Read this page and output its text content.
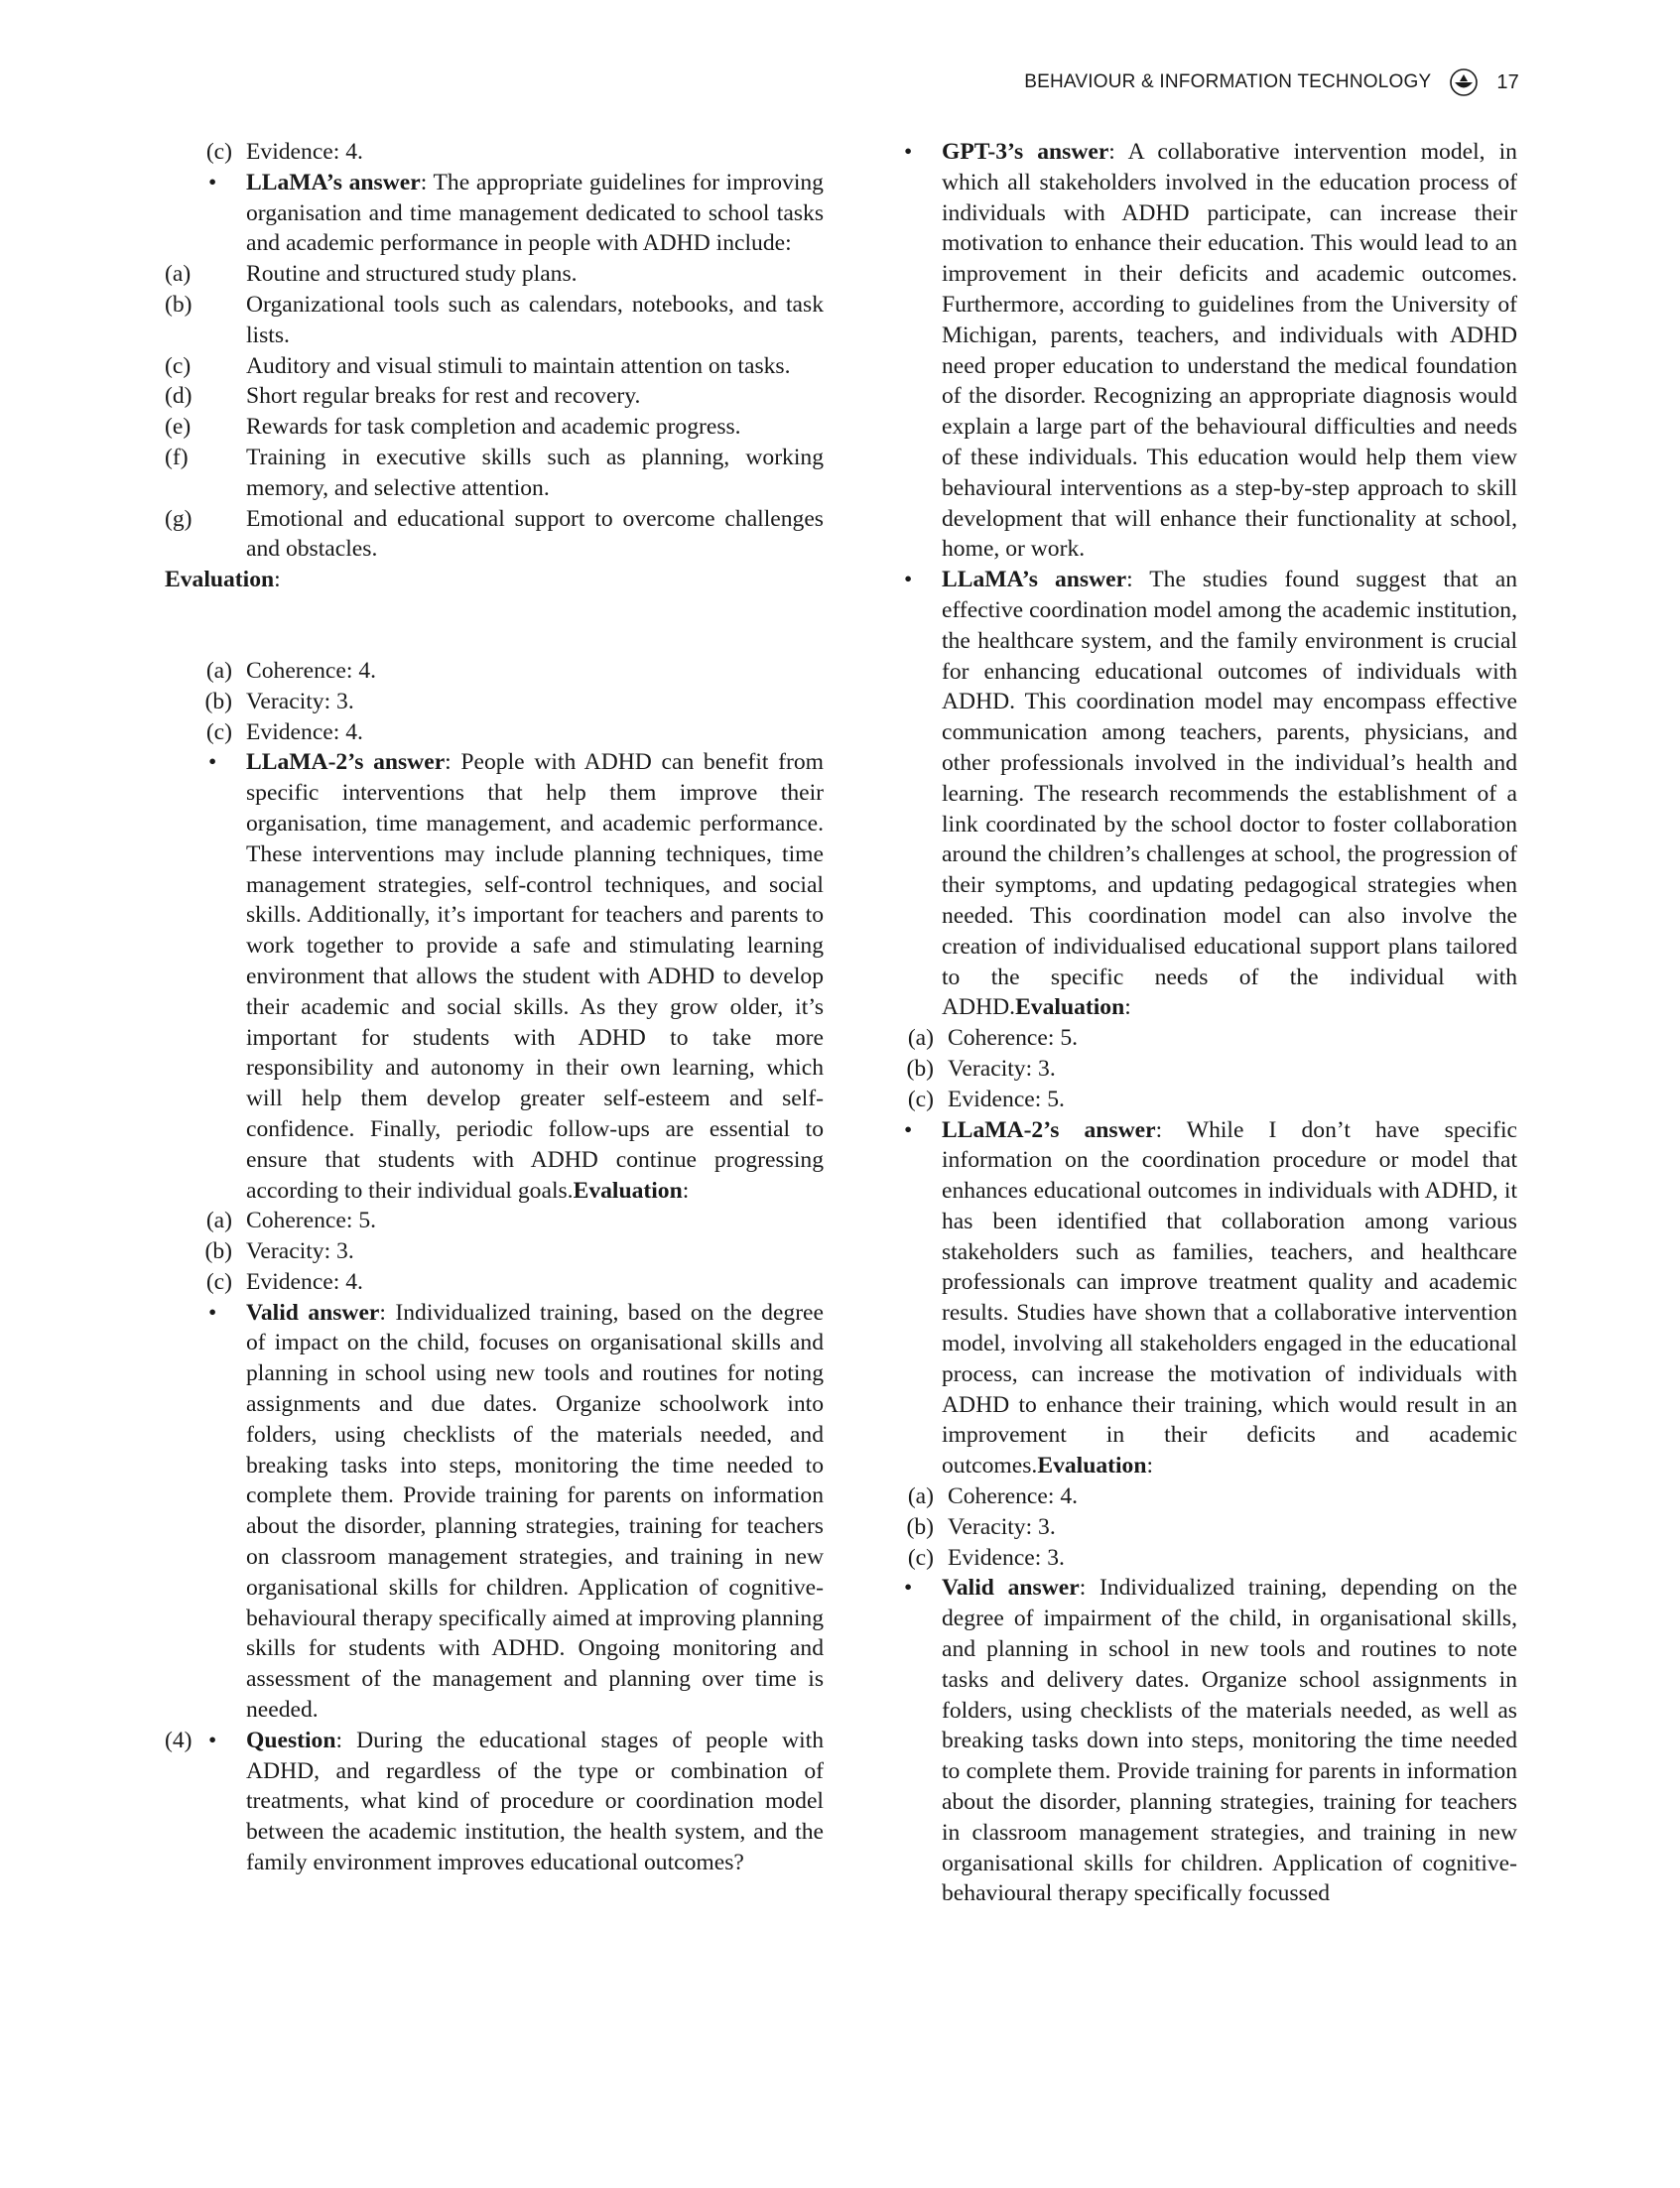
BEHAVIOUR & INFORMATION TECHNOLOGY	17
(c) Evidence: 4.
• LLaMA’s answer: The appropriate guidelines for improving organisation and time management dedicated to school tasks and academic performance in people with ADHD include:
(a)	Routine and structured study plans.
(b)	Organizational tools such as calendars, notebooks, and task lists.
(c)	Auditory and visual stimuli to maintain attention on tasks.
(d)	Short regular breaks for rest and recovery.
(e)	Rewards for task completion and academic progress.
(f)	Training in executive skills such as planning, working memory, and selective attention.
(g)	Emotional and educational support to overcome challenges and obstacles.
Evaluation:
(a) Coherence: 4.
(b) Veracity: 3.
(c) Evidence: 4.
• LLaMA-2’s answer: People with ADHD can benefit from specific interventions that help them improve their organisation, time management, and academic performance. These interventions may include planning techniques, time management strategies, self-control techniques, and social skills. Additionally, it’s important for teachers and parents to work together to provide a safe and stimulating learning environment that allows the student with ADHD to develop their academic and social skills. As they grow older, it’s important for students with ADHD to take more responsibility and autonomy in their own learning, which will help them develop greater self-esteem and self-confidence. Finally, periodic follow-ups are essential to ensure that students with ADHD continue progressing according to their individual goals.Evaluation:
(a) Coherence: 5.
(b) Veracity: 3.
(c) Evidence: 4.
• Valid answer: Individualized training, based on the degree of impact on the child, focuses on organisational skills and planning in school using new tools and routines for noting assignments and due dates. Organize schoolwork into folders, using checklists of the materials needed, and breaking tasks into steps, monitoring the time needed to complete them. Provide training for parents on information about the disorder, planning strategies, training for teachers on classroom management strategies, and training in new organisational skills for children. Application of cognitive-behavioural therapy specifically aimed at improving planning skills for students with ADHD. Ongoing monitoring and assessment of the management and planning over time is needed.
(4) • Question: During the educational stages of people with ADHD, and regardless of the type or combination of treatments, what kind of procedure or coordination model between the academic institution, the health system, and the family environment improves educational outcomes?
• GPT-3’s answer: A collaborative intervention model, in which all stakeholders involved in the education process of individuals with ADHD participate, can increase their motivation to enhance their education. This would lead to an improvement in their deficits and academic outcomes. Furthermore, according to guidelines from the University of Michigan, parents, teachers, and individuals with ADHD need proper education to understand the medical foundation of the disorder. Recognizing an appropriate diagnosis would explain a large part of the behavioural difficulties and needs of these individuals. This education would help them view behavioural interventions as a step-by-step approach to skill development that will enhance their functionality at school, home, or work.
• LLaMA’s answer: The studies found suggest that an effective coordination model among the academic institution, the healthcare system, and the family environment is crucial for enhancing educational outcomes of individuals with ADHD. This coordination model may encompass effective communication among teachers, parents, physicians, and other professionals involved in the individual’s health and learning. The research recommends the establishment of a link coordinated by the school doctor to foster collaboration around the children’s challenges at school, the progression of their symptoms, and updating pedagogical strategies when needed. This coordination model can also involve the creation of individualised educational support plans tailored to the specific needs of the individual with ADHD.Evaluation:
(a) Coherence: 5.
(b) Veracity: 3.
(c) Evidence: 5.
• LLaMA-2’s answer: While I don’t have specific information on the coordination procedure or model that enhances educational outcomes in individuals with ADHD, it has been identified that collaboration among various stakeholders such as families, teachers, and healthcare professionals can improve treatment quality and academic results. Studies have shown that a collaborative intervention model, involving all stakeholders engaged in the educational process, can increase the motivation of individuals with ADHD to enhance their training, which would result in an improvement in their deficits and academic outcomes.Evaluation:
(a) Coherence: 4.
(b) Veracity: 3.
(c) Evidence: 3.
• Valid answer: Individualized training, depending on the degree of impairment of the child, in organisational skills, and planning in school in new tools and routines to note tasks and delivery dates. Organize school assignments in folders, using checklists of the materials needed, as well as breaking tasks down into steps, monitoring the time needed to complete them. Provide training for parents in information about the disorder, planning strategies, training for teachers in classroom management strategies, and training in new organisational skills for children. Application of cognitive-behavioural therapy specifically focussed
